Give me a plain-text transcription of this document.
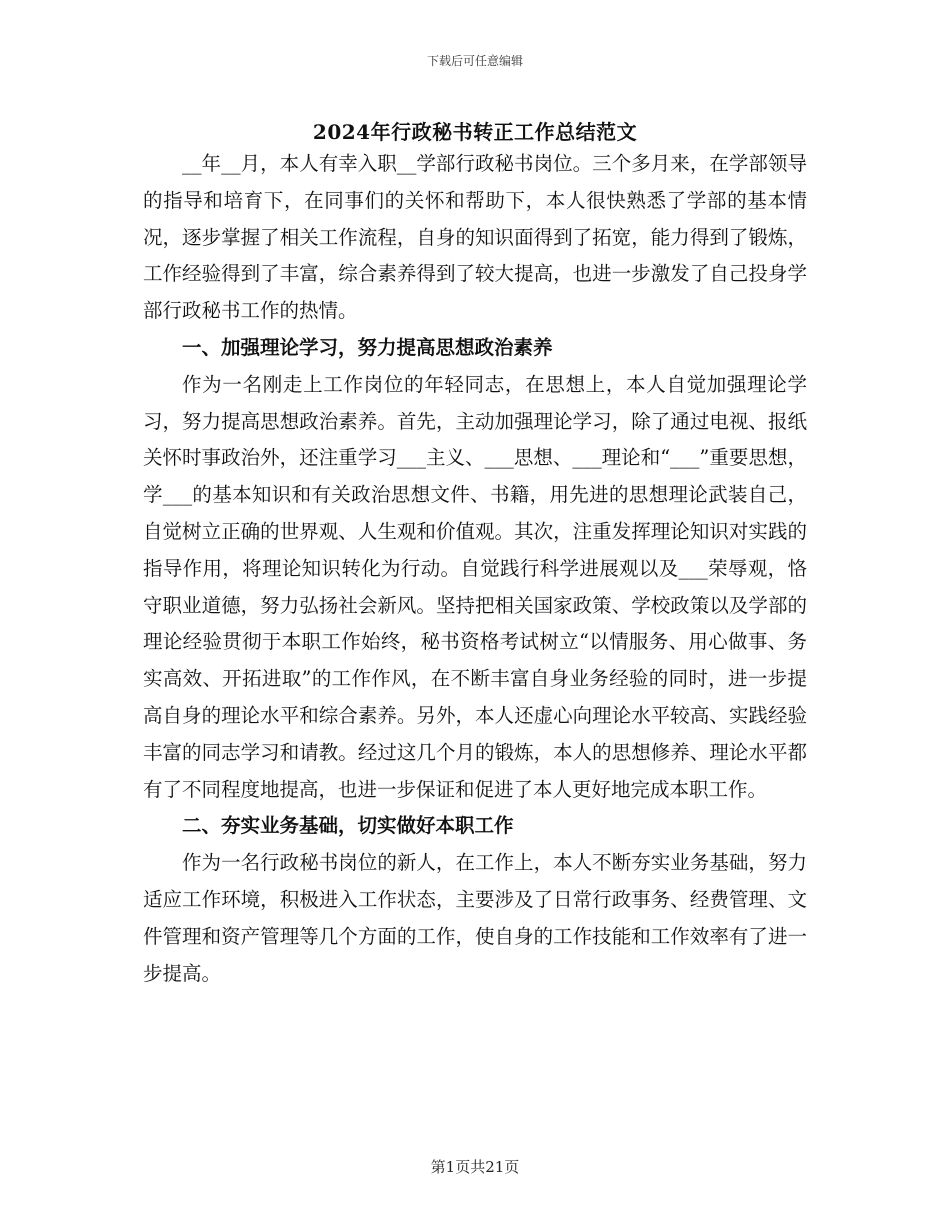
下载后可任意编辑
2024年行政秘书转正工作总结范文

__年__月，本人有幸入职__学部行政秘书岗位。三个多月来，在学部领导的指导和培育下，在同事们的关怀和帮助下，本人很快熟悉了学部的基本情况，逐步掌握了相关工作流程，自身的知识面得到了拓宽，能力得到了锻炼，工作经验得到了丰富，综合素养得到了较大提高，也进一步激发了自己投身学部行政秘书工作的热情。

一、加强理论学习，努力提高思想政治素养

作为一名刚走上工作岗位的年轻同志，在思想上，本人自觉加强理论学习，努力提高思想政治素养。首先，主动加强理论学习，除了通过电视、报纸关怀时事政治外，还注重学习___主义、___思想、___理论和“___”重要思想，学___的基本知识和有关政治思想文件、书籍，用先进的思想理论武装自己，自觉树立正确的世界观、人生观和价值观。其次，注重发挥理论知识对实践的指导作用，将理论知识转化为行动。自觉践行科学进展观以及___荣辱观，恪守职业道德，努力弘扬社会新风。坚持把相关国家政策、学校政策以及学部的理论经验贯彻于本职工作始终，秘书资格考试树立“以情服务、用心做事、务实高效、开拓进取”的工作作风，在不断丰富自身业务经验的同时，进一步提高自身的理论水平和综合素养。另外，本人还虚心向理论水平较高、实践经验丰富的同志学习和请教。经过这几个月的锻炼，本人的思想修养、理论水平都有了不同程度地提高，也进一步保证和促进了本人更好地完成本职工作。

二、夯实业务基础，切实做好本职工作

作为一名行政秘书岗位的新人，在工作上，本人不断夯实业务基础，努力适应工作环境，积极进入工作状态，主要涉及了日常行政事务、经费管理、文件管理和资产管理等几个方面的工作，使自身的工作技能和工作效率有了进一步提高。

第1页共21页
